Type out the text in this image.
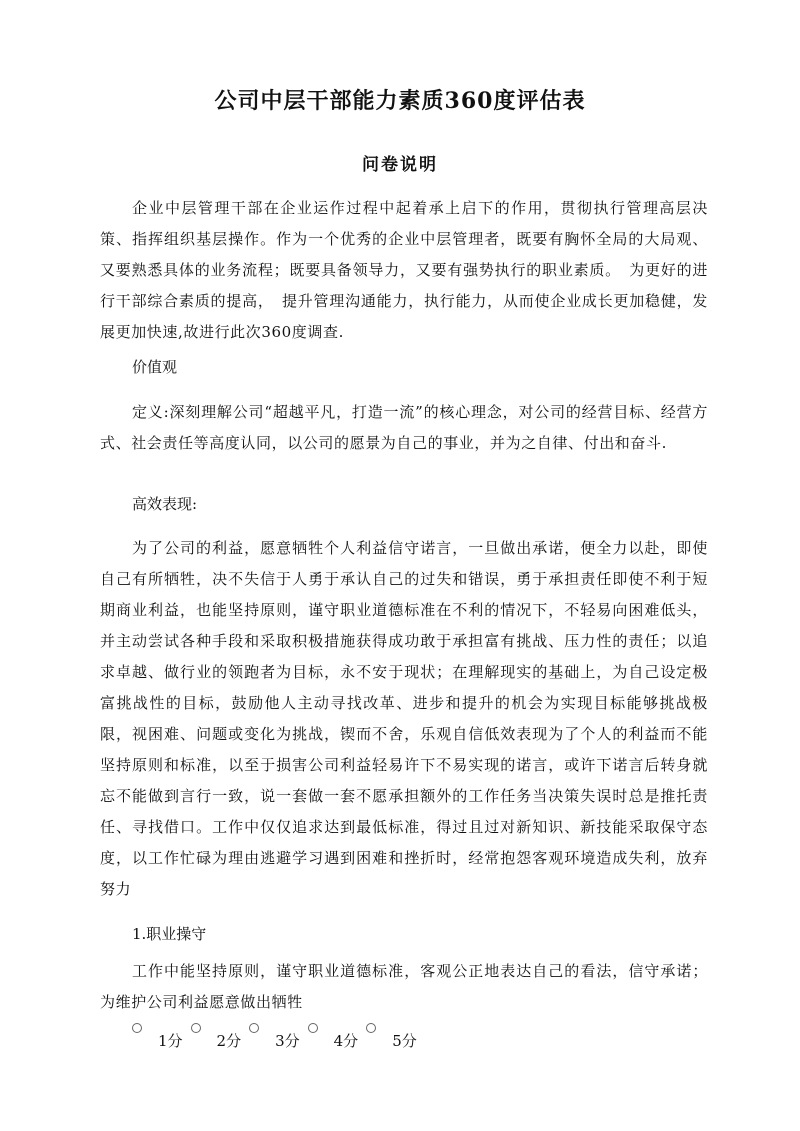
公司中层干部能力素质360度评估表
问卷说明

企业中层管理干部在企业运作过程中起着承上启下的作用，贯彻执行管理高层决策、指挥组织基层操作。作为一个优秀的企业中层管理者，既要有胸怀全局的大局观、又要熟悉具体的业务流程；既要具备领导力，又要有强势执行的职业素质。　为更好的进行干部综合素质的提高，　提升管理沟通能力，执行能力，从而使企业成长更加稳健，发展更加快速,故进行此次360度调查.

价值观

定义:深刻理解公司“超越平凡，打造一流”的核心理念，对公司的经营目标、经营方式、社会责任等高度认同，以公司的愿景为自己的事业，并为之自律、付出和奋斗.

高效表现:

为了公司的利益，愿意牺牲个人利益信守诺言，一旦做出承诺，便全力以赴，即使自己有所牺牲，决不失信于人勇于承认自己的过失和错误，勇于承担责任即使不利于短期商业利益，也能坚持原则，谨守职业道德标准在不利的情况下，不轻易向困难低头，并主动尝试各种手段和采取积极措施获得成功敢于承担富有挑战、压力性的责任；以追求卓越、做行业的领跑者为目标，永不安于现状；在理解现实的基础上，为自己设定极富挑战性的目标，鼓励他人主动寻找改革、进步和提升的机会为实现目标能够挑战极限，视困难、问题或变化为挑战，锲而不舍，乐观自信低效表现为了个人的利益而不能坚持原则和标准，以至于损害公司利益轻易许下不易实现的诺言，或许下诺言后转身就忘不能做到言行一致，说一套做一套不愿承担额外的工作任务当决策失误时总是推托责任、寻找借口。工作中仅仅追求达到最低标准，得过且过对新知识、新技能采取保守态度，以工作忙碌为理由逃避学习遇到困难和挫折时，经常抱怨客观环境造成失利，放弃努力

1.职业操守

工作中能坚持原则，谨守职业道德标准，客观公正地表达自己的看法，信守承诺；为维护公司利益愿意做出牺牲

1分 2分 3分 4分 5分
